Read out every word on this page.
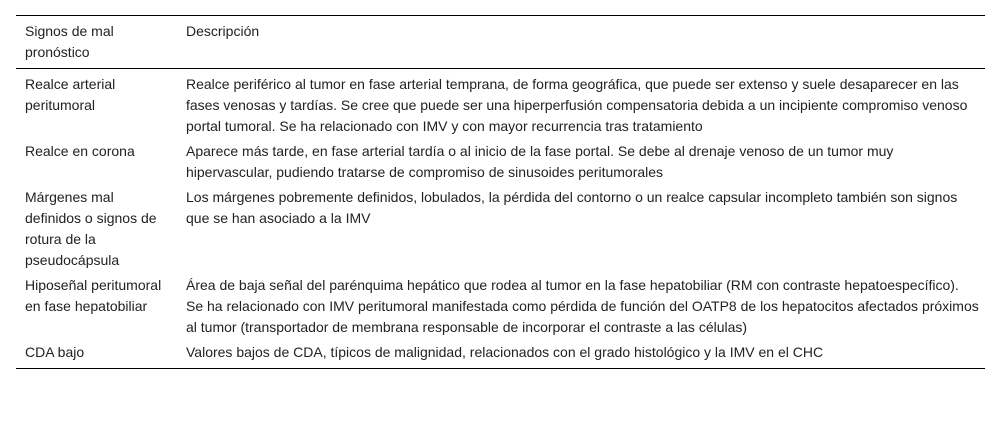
Signos de mal pronóstico	Descripción
Realce arterial peritumoral	Realce periférico al tumor en fase arterial temprana, de forma geográfica, que puede ser extenso y suele desaparecer en las fases venosas y tardías. Se cree que puede ser una hiperperfusión compensatoria debida a un incipiente compromiso venoso portal tumoral. Se ha relacionado con IMV y con mayor recurrencia tras tratamiento
Realce en corona	Aparece más tarde, en fase arterial tardía o al inicio de la fase portal. Se debe al drenaje venoso de un tumor muy hipervascular, pudiendo tratarse de compromiso de sinusoides peritumorales
Márgenes mal definidos o signos de rotura de la pseudocápsula	Los márgenes pobremente definidos, lobulados, la pérdida del contorno o un realce capsular incompleto también son signos que se han asociado a la IMV
Hiposeñal peritumoral en fase hepatobiliar	Área de baja señal del parénquima hepático que rodea al tumor en la fase hepatobiliar (RM con contraste hepatoespecífico). Se ha relacionado con IMV peritumoral manifestada como pérdida de función del OATP8 de los hepatocitos afectados próximos al tumor (transportador de membrana responsable de incorporar el contraste a las células)
CDA bajo	Valores bajos de CDA, típicos de malignidad, relacionados con el grado histológico y la IMV en el CHC
